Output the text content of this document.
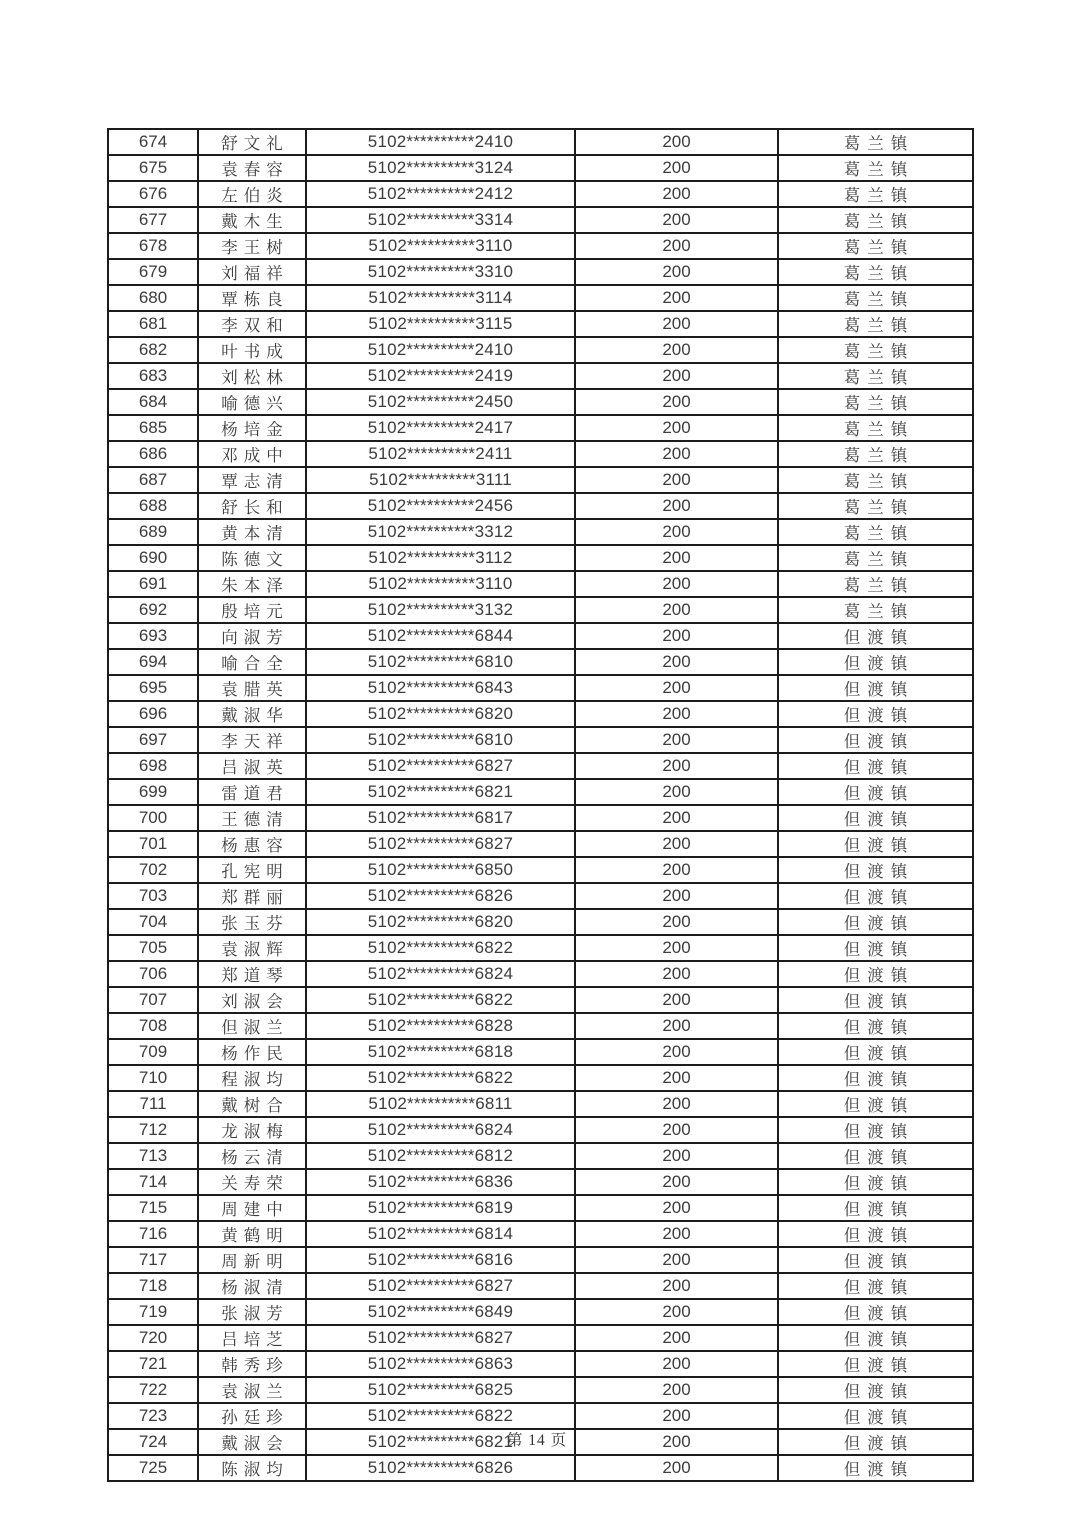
674	舒文礼	5102**********2410	200	葛兰镇
675	袁春容	5102**********3124	200	葛兰镇
676	左伯炎	5102**********2412	200	葛兰镇
677	戴木生	5102**********3314	200	葛兰镇
678	李王树	5102**********3110	200	葛兰镇
679	刘福祥	5102**********3310	200	葛兰镇
680	覃栋良	5102**********3114	200	葛兰镇
681	李双和	5102**********3115	200	葛兰镇
682	叶书成	5102**********2410	200	葛兰镇
683	刘松林	5102**********2419	200	葛兰镇
684	喻德兴	5102**********2450	200	葛兰镇
685	杨培金	5102**********2417	200	葛兰镇
686	邓成中	5102**********2411	200	葛兰镇
687	覃志清	5102**********3111	200	葛兰镇
688	舒长和	5102**********2456	200	葛兰镇
689	黄本清	5102**********3312	200	葛兰镇
690	陈德文	5102**********3112	200	葛兰镇
691	朱本泽	5102**********3110	200	葛兰镇
692	殷培元	5102**********3132	200	葛兰镇
693	向淑芳	5102**********6844	200	但渡镇
694	喻合全	5102**********6810	200	但渡镇
695	袁腊英	5102**********6843	200	但渡镇
696	戴淑华	5102**********6820	200	但渡镇
697	李天祥	5102**********6810	200	但渡镇
698	吕淑英	5102**********6827	200	但渡镇
699	雷道君	5102**********6821	200	但渡镇
700	王德清	5102**********6817	200	但渡镇
701	杨惠容	5102**********6827	200	但渡镇
702	孔宪明	5102**********6850	200	但渡镇
703	郑群丽	5102**********6826	200	但渡镇
704	张玉芬	5102**********6820	200	但渡镇
705	袁淑辉	5102**********6822	200	但渡镇
706	郑道琴	5102**********6824	200	但渡镇
707	刘淑会	5102**********6822	200	但渡镇
708	但淑兰	5102**********6828	200	但渡镇
709	杨作民	5102**********6818	200	但渡镇
710	程淑均	5102**********6822	200	但渡镇
711	戴树合	5102**********6811	200	但渡镇
712	龙淑梅	5102**********6824	200	但渡镇
713	杨云清	5102**********6812	200	但渡镇
714	关寿荣	5102**********6836	200	但渡镇
715	周建中	5102**********6819	200	但渡镇
716	黄鹤明	5102**********6814	200	但渡镇
717	周新明	5102**********6816	200	但渡镇
718	杨淑清	5102**********6827	200	但渡镇
719	张淑芳	5102**********6849	200	但渡镇
720	吕培芝	5102**********6827	200	但渡镇
721	韩秀珍	5102**********6863	200	但渡镇
722	袁淑兰	5102**********6825	200	但渡镇
723	孙廷珍	5102**********6822	200	但渡镇
724	戴淑会	5102**********6821	200	但渡镇
725	陈淑均	5102**********6826	200	但渡镇
第 14 页
